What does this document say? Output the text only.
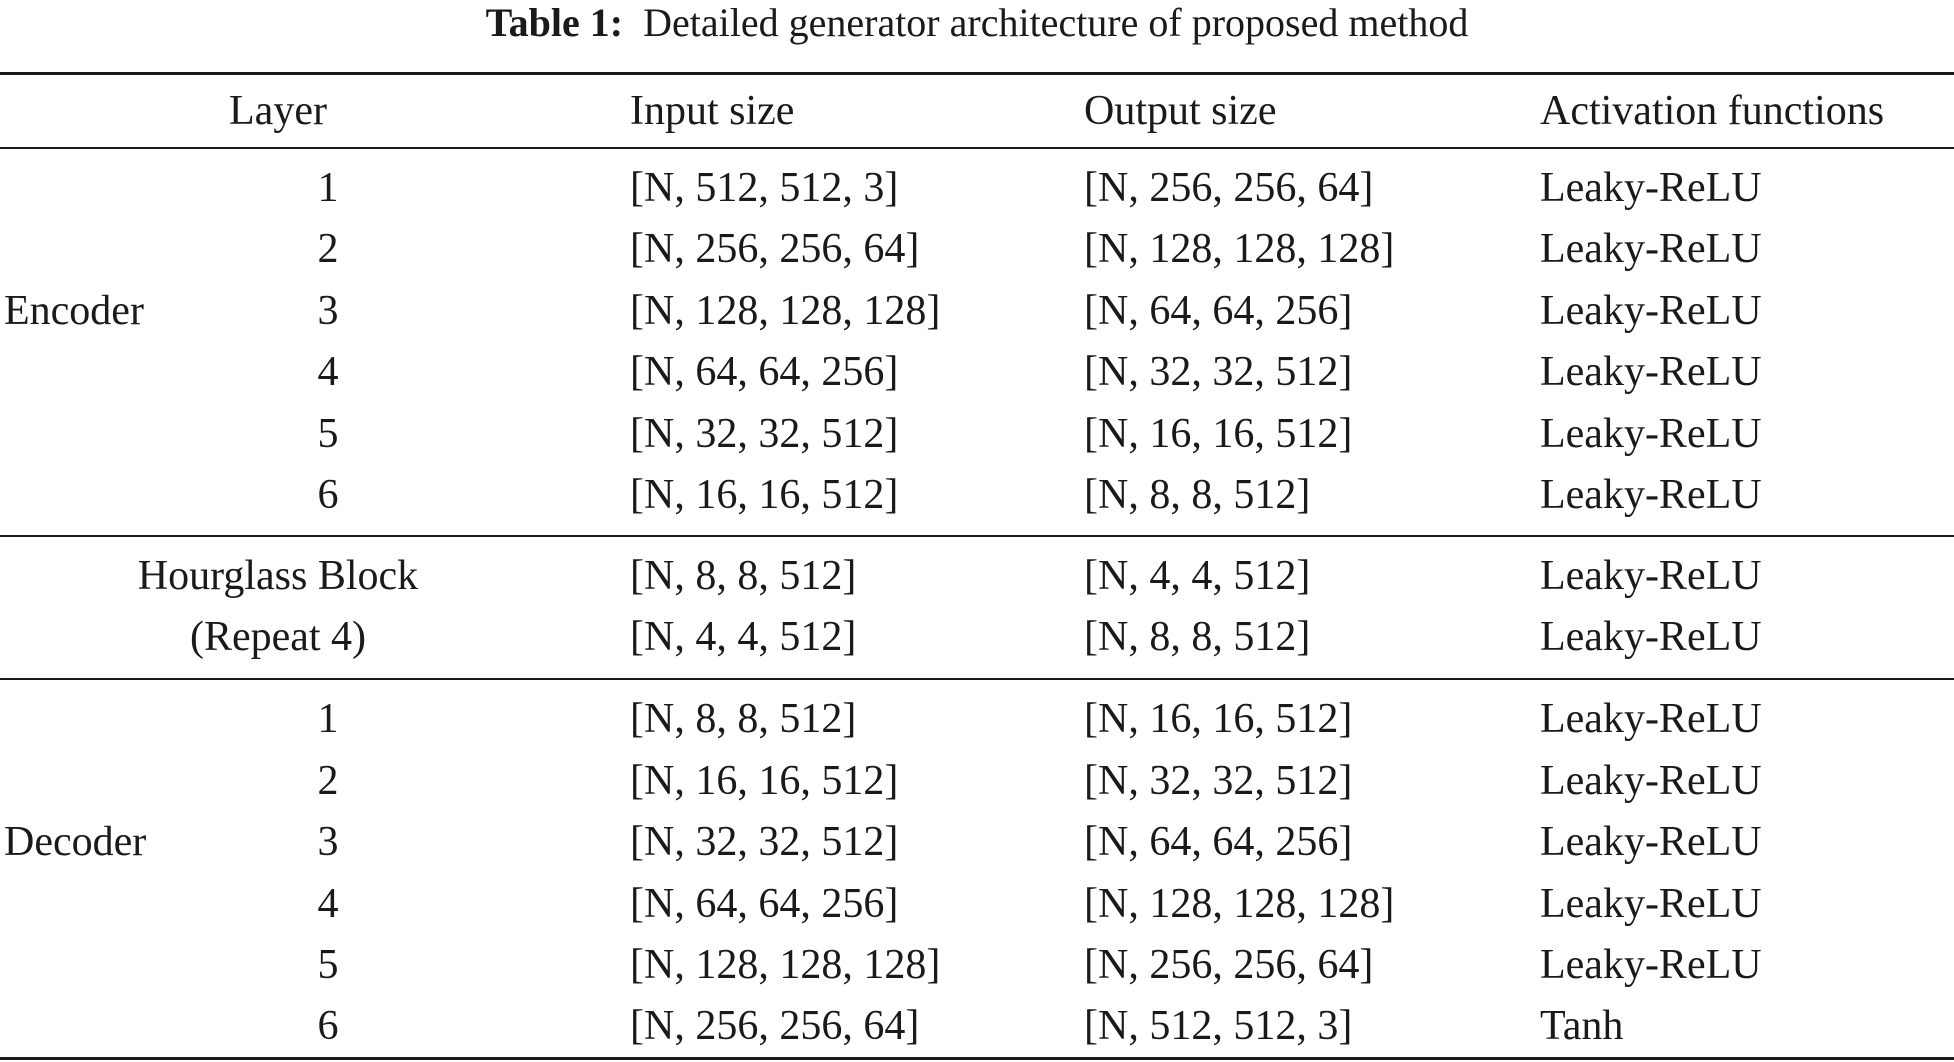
Table 1: Detailed generator architecture of proposed method
Layer	Input size	Output size	Activation functions
Encoder
1	[N, 512, 512, 3]	[N, 256, 256, 64]	Leaky-ReLU
2	[N, 256, 256, 64]	[N, 128, 128, 128]	Leaky-ReLU
3	[N, 128, 128, 128]	[N, 64, 64, 256]	Leaky-ReLU
4	[N, 64, 64, 256]	[N, 32, 32, 512]	Leaky-ReLU
5	[N, 32, 32, 512]	[N, 16, 16, 512]	Leaky-ReLU
6	[N, 16, 16, 512]	[N, 8, 8, 512]	Leaky-ReLU
Hourglass Block
(Repeat 4)
[N, 8, 8, 512]	[N, 4, 4, 512]	Leaky-ReLU
[N, 4, 4, 512]	[N, 8, 8, 512]	Leaky-ReLU
Decoder
1	[N, 8, 8, 512]	[N, 16, 16, 512]	Leaky-ReLU
2	[N, 16, 16, 512]	[N, 32, 32, 512]	Leaky-ReLU
3	[N, 32, 32, 512]	[N, 64, 64, 256]	Leaky-ReLU
4	[N, 64, 64, 256]	[N, 128, 128, 128]	Leaky-ReLU
5	[N, 128, 128, 128]	[N, 256, 256, 64]	Leaky-ReLU
6	[N, 256, 256, 64]	[N, 512, 512, 3]	Tanh
